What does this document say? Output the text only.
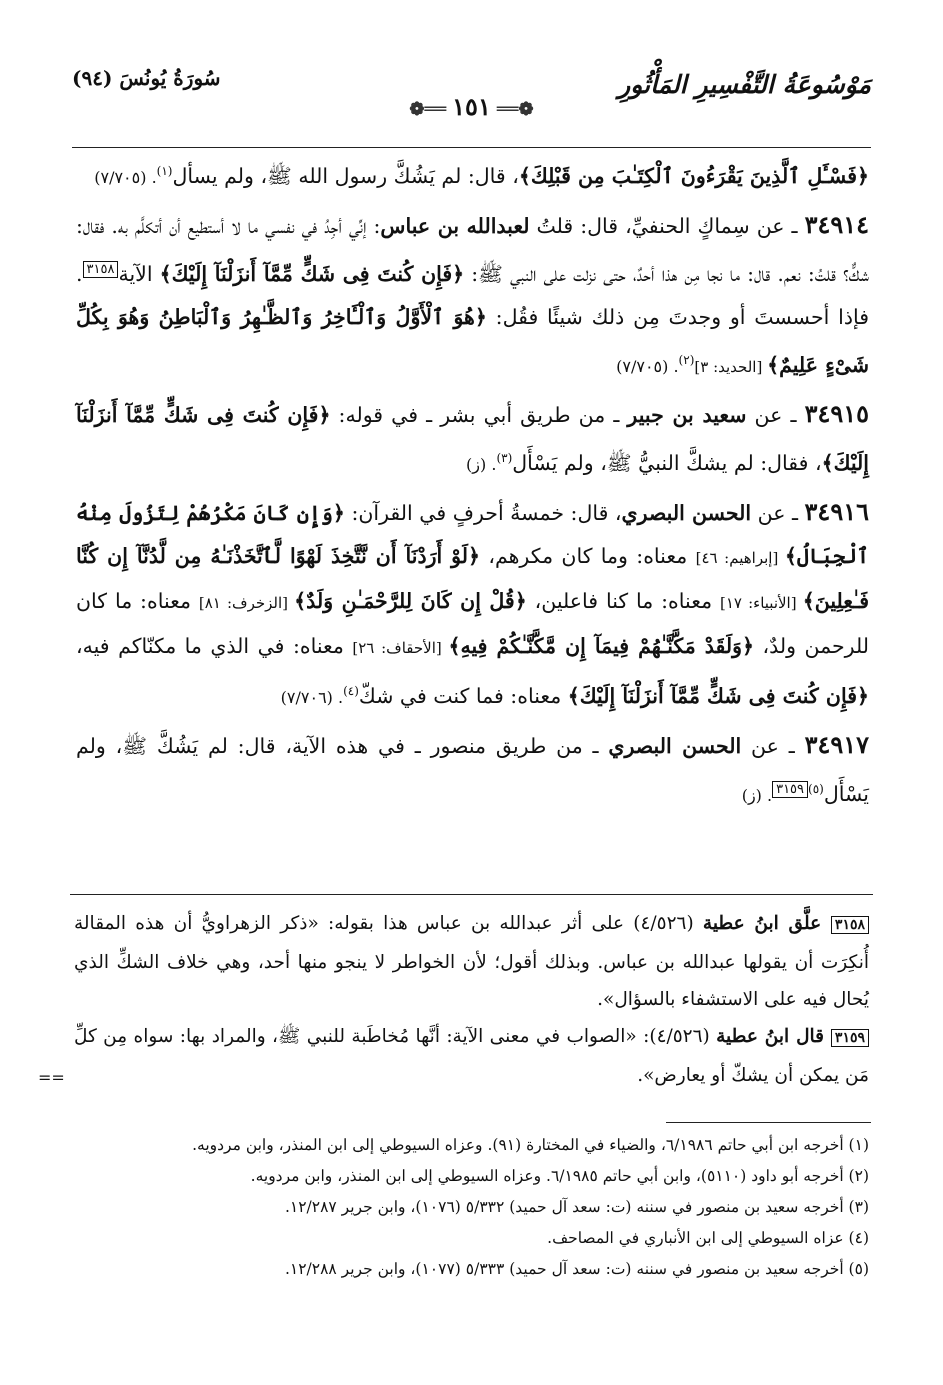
مَوْسُوعَةُ التَّفْسِيرِ المَأْثُورِ
❁══١٥١══❁
سُورَةُ يُونُسَ (٩٤)

﴿فَسْـَٔلِ ٱلَّذِينَ يَقْرَءُونَ ٱلْكِتَـٰبَ مِن قَبْلِكَ﴾، قال: لم يَشُكَّ رسول الله ﷺ، ولم يسأل$^{(١)}$. (٧/٧٠٥)

٣٤٩١٤ ـ عن سِماكٍ الحنفيِّ، قال: قلتُ لعبدالله بن عباس: إنِّي أجِدُ في نفسي ما لا أستطيع أن أتكلَّم به. فقال: شكٌّ؟ قلتُ: نعم. قال: ما نجا مِن هذا أحدٌ، حتى نزلت على النبي ﷺ: ﴿فَإِن كُنتَ فِى شَكٍّ مِّمَّآ أَنزَلْنَآ إِلَيْكَ﴾ الآية$^{٣١٥٨}$. فإذا أحسستَ أو وجدتَ مِن ذلك شيئًا فقُل: ﴿هُوَ ٱلْأَوَّلُ وَٱلْـَٔاخِرُ وَٱلظَّـٰهِرُ وَٱلْبَاطِنُ وَهُوَ بِكُلِّ شَىْءٍ عَلِيمٌ﴾ [الحديد: ٣]$^{(٢)}$. (٧/٧٠٥)

٣٤٩١٥ ـ عن سعيد بن جبير ـ من طريق أبي بشر ـ في قوله: ﴿فَإِن كُنتَ فِى شَكٍّ مِّمَّآ أَنزَلْنَآ إِلَيْكَ﴾، فقال: لم يشكَّ النبيُّ ﷺ، ولم يَسْأَل$^{(٣)}$. (ز)

٣٤٩١٦ ـ عن الحسن البصري، قال: خمسةُ أحرفٍ في القرآن: ﴿وَإِن كَانَ مَكْرُهُمْ لِتَزُولَ مِنْهُ ٱلْجِبَالُ﴾ [إبراهيم: ٤٦] معناه: وما كان مكرهم، ﴿لَوْ أَرَدْنَآ أَن نَّتَّخِذَ لَهْوًا لَّٱتَّخَذْنَـٰهُ مِن لَّدُنَّآ إِن كُنَّا فَـٰعِلِينَ﴾ [الأنبياء: ١٧] معناه: ما كنا فاعلين، ﴿قُلْ إِن كَانَ لِلرَّحْمَـٰنِ وَلَدٌ﴾ [الزخرف: ٨١] معناه: ما كان للرحمن ولدٌ، ﴿وَلَقَدْ مَكَّنَّـٰهُمْ فِيمَآ إِن مَّكَّنَّـٰكُمْ فِيهِ﴾ [الأحقاف: ٢٦] معناه: في الذي ما مكنّاكم فيه، ﴿فَإِن كُنتَ فِى شَكٍّ مِّمَّآ أَنزَلْنَآ إِلَيْكَ﴾ معناه: فما كنت في شكّ$^{(٤)}$. (٧/٧٠٦)

٣٤٩١٧ ـ عن الحسن البصري ـ من طريق منصور ـ في هذه الآية، قال: لم يَشُكَّ ﷺ، ولم يَسْأَل$^{(٥)٣١٥٩}$. (ز)

٣١٥٨ علَّق ابنُ عطية (٤/٥٢٦) على أثر عبدالله بن عباس هذا بقوله: «ذكر الزهراويُّ أن هذه المقالة أُنكِرَت أن يقولها عبدالله بن عباس. وبذلك أقول؛ لأن الخواطر لا ينجو منها أحد، وهي خلاف الشكِّ الذي يُحال فيه على الاستشفاء بالسؤال».

٣١٥٩ قال ابنُ عطية (٤/٥٢٦): «الصواب في معنى الآية: أنَّها مُخاطَبة للنبي ﷺ، والمراد بها: سواه مِن كلِّ مَن يمكن أن يشكّ أو يعارض».

==

(١) أخرجه ابن أبي حاتم ٦/١٩٨٦، والضياء في المختارة (٩١). وعزاه السيوطي إلى ابن المنذر، وابن مردويه.

(٢) أخرجه أبو داود (٥١١٠)، وابن أبي حاتم ٦/١٩٨٥. وعزاه السيوطي إلى ابن المنذر، وابن مردويه.

(٣) أخرجه سعيد بن منصور في سننه (ت: سعد آل حميد) ٥/٣٣٢ (١٠٧٦)، وابن جرير ١٢/٢٨٧.

(٤) عزاه السيوطي إلى ابن الأنباري في المصاحف.

(٥) أخرجه سعيد بن منصور في سننه (ت: سعد آل حميد) ٥/٣٣٣ (١٠٧٧)، وابن جرير ١٢/٢٨٨.
